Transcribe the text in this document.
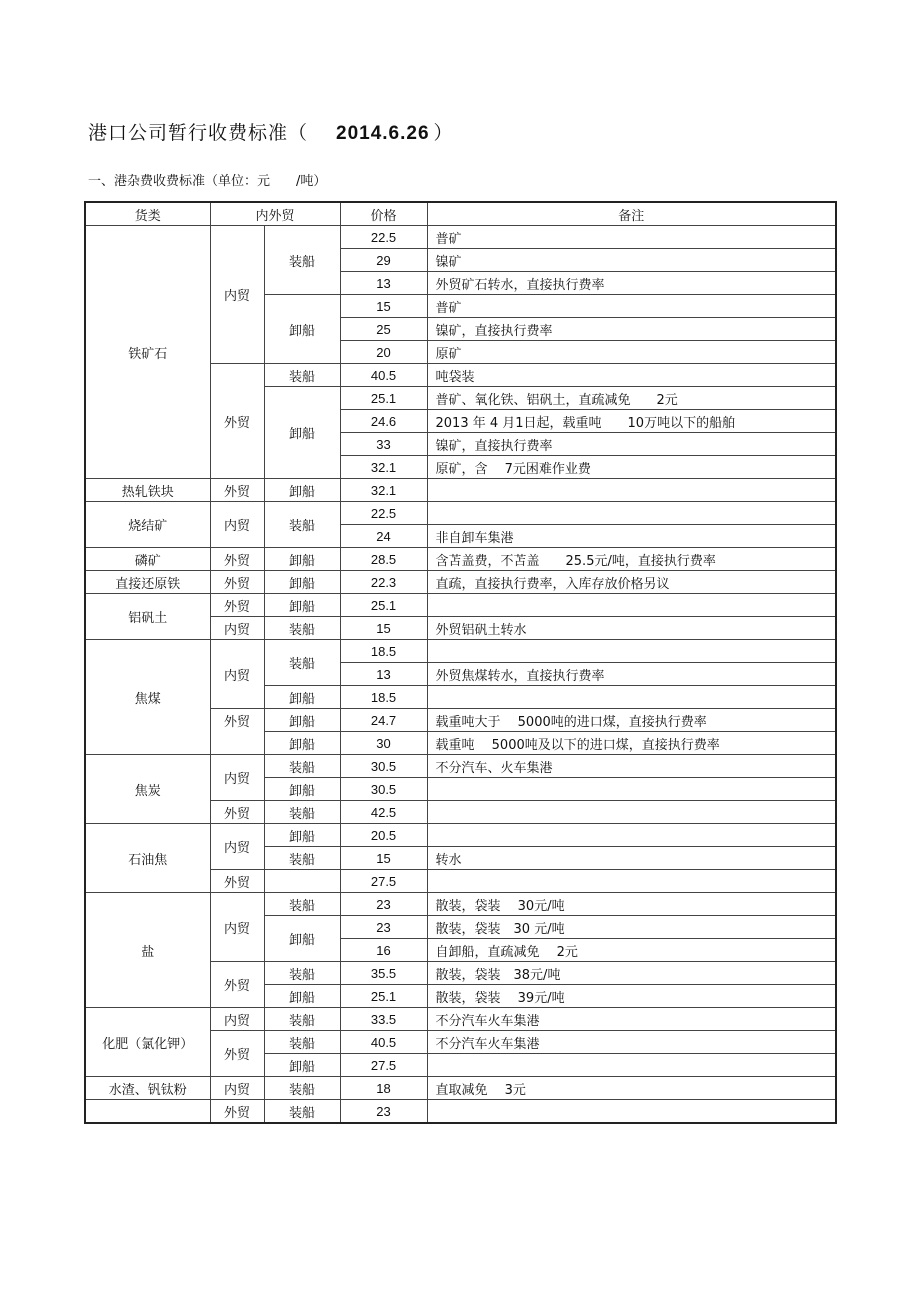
港口公司暂行收费标准（ 2014.6.26 ）
一、港杂费收费标准（单位：元　　/吨）
货类	内外贸		价格	备注
铁矿石	内贸	装船	22.5	普矿
			29	镍矿
			13	外贸矿石转水，直接执行费率
		卸船	15	普矿
			25	镍矿，直接执行费率
			20	原矿
	外贸	装船	40.5	吨袋装
		卸船	25.1	普矿、氧化铁、铝矾土，直疏减免　　2元
			24.6	2013 年 4 月1日起，载重吨　　10万吨以下的船舶
			33	镍矿，直接执行费率
			32.1	原矿，含　 7元困难作业费
热轧铁块	外贸	卸船	32.1	
烧结矿	内贸	装船	22.5	
			24	非自卸车集港
磷矿	外贸	卸船	28.5	含苫盖费，不苫盖　　25.5元/吨，直接执行费率
直接还原铁	外贸	卸船	22.3	直疏，直接执行费率，入库存放价格另议
铝矾土	外贸	卸船	25.1	
	内贸	装船	15	外贸铝矾土转水
焦煤	内贸	装船	18.5	
			13	外贸焦煤转水，直接执行费率
		卸船	18.5	
	外贸	卸船	24.7	载重吨大于　 5000吨的进口煤，直接执行费率
		卸船	30	载重吨　 5000吨及以下的进口煤，直接执行费率
焦炭	内贸	装船	30.5	不分汽车、火车集港
		卸船	30.5	
	外贸	装船	42.5	
石油焦	内贸	卸船	20.5	
		装船	15	转水
	外贸		27.5	
盐	内贸	装船	23	散装，袋装　 30元/吨
		卸船	23	散装，袋装　30 元/吨
			16	自卸船，直疏减免　 2元
	外贸	装船	35.5	散装，袋装　38元/吨
		卸船	25.1	散装，袋装　 39元/吨
化肥（氯化钾）	内贸	装船	33.5	不分汽车火车集港
	外贸	装船	40.5	不分汽车火车集港
		卸船	27.5	
水渣、钒钛粉	内贸	装船	18	直取减免　 3元
	外贸	装船	23	
